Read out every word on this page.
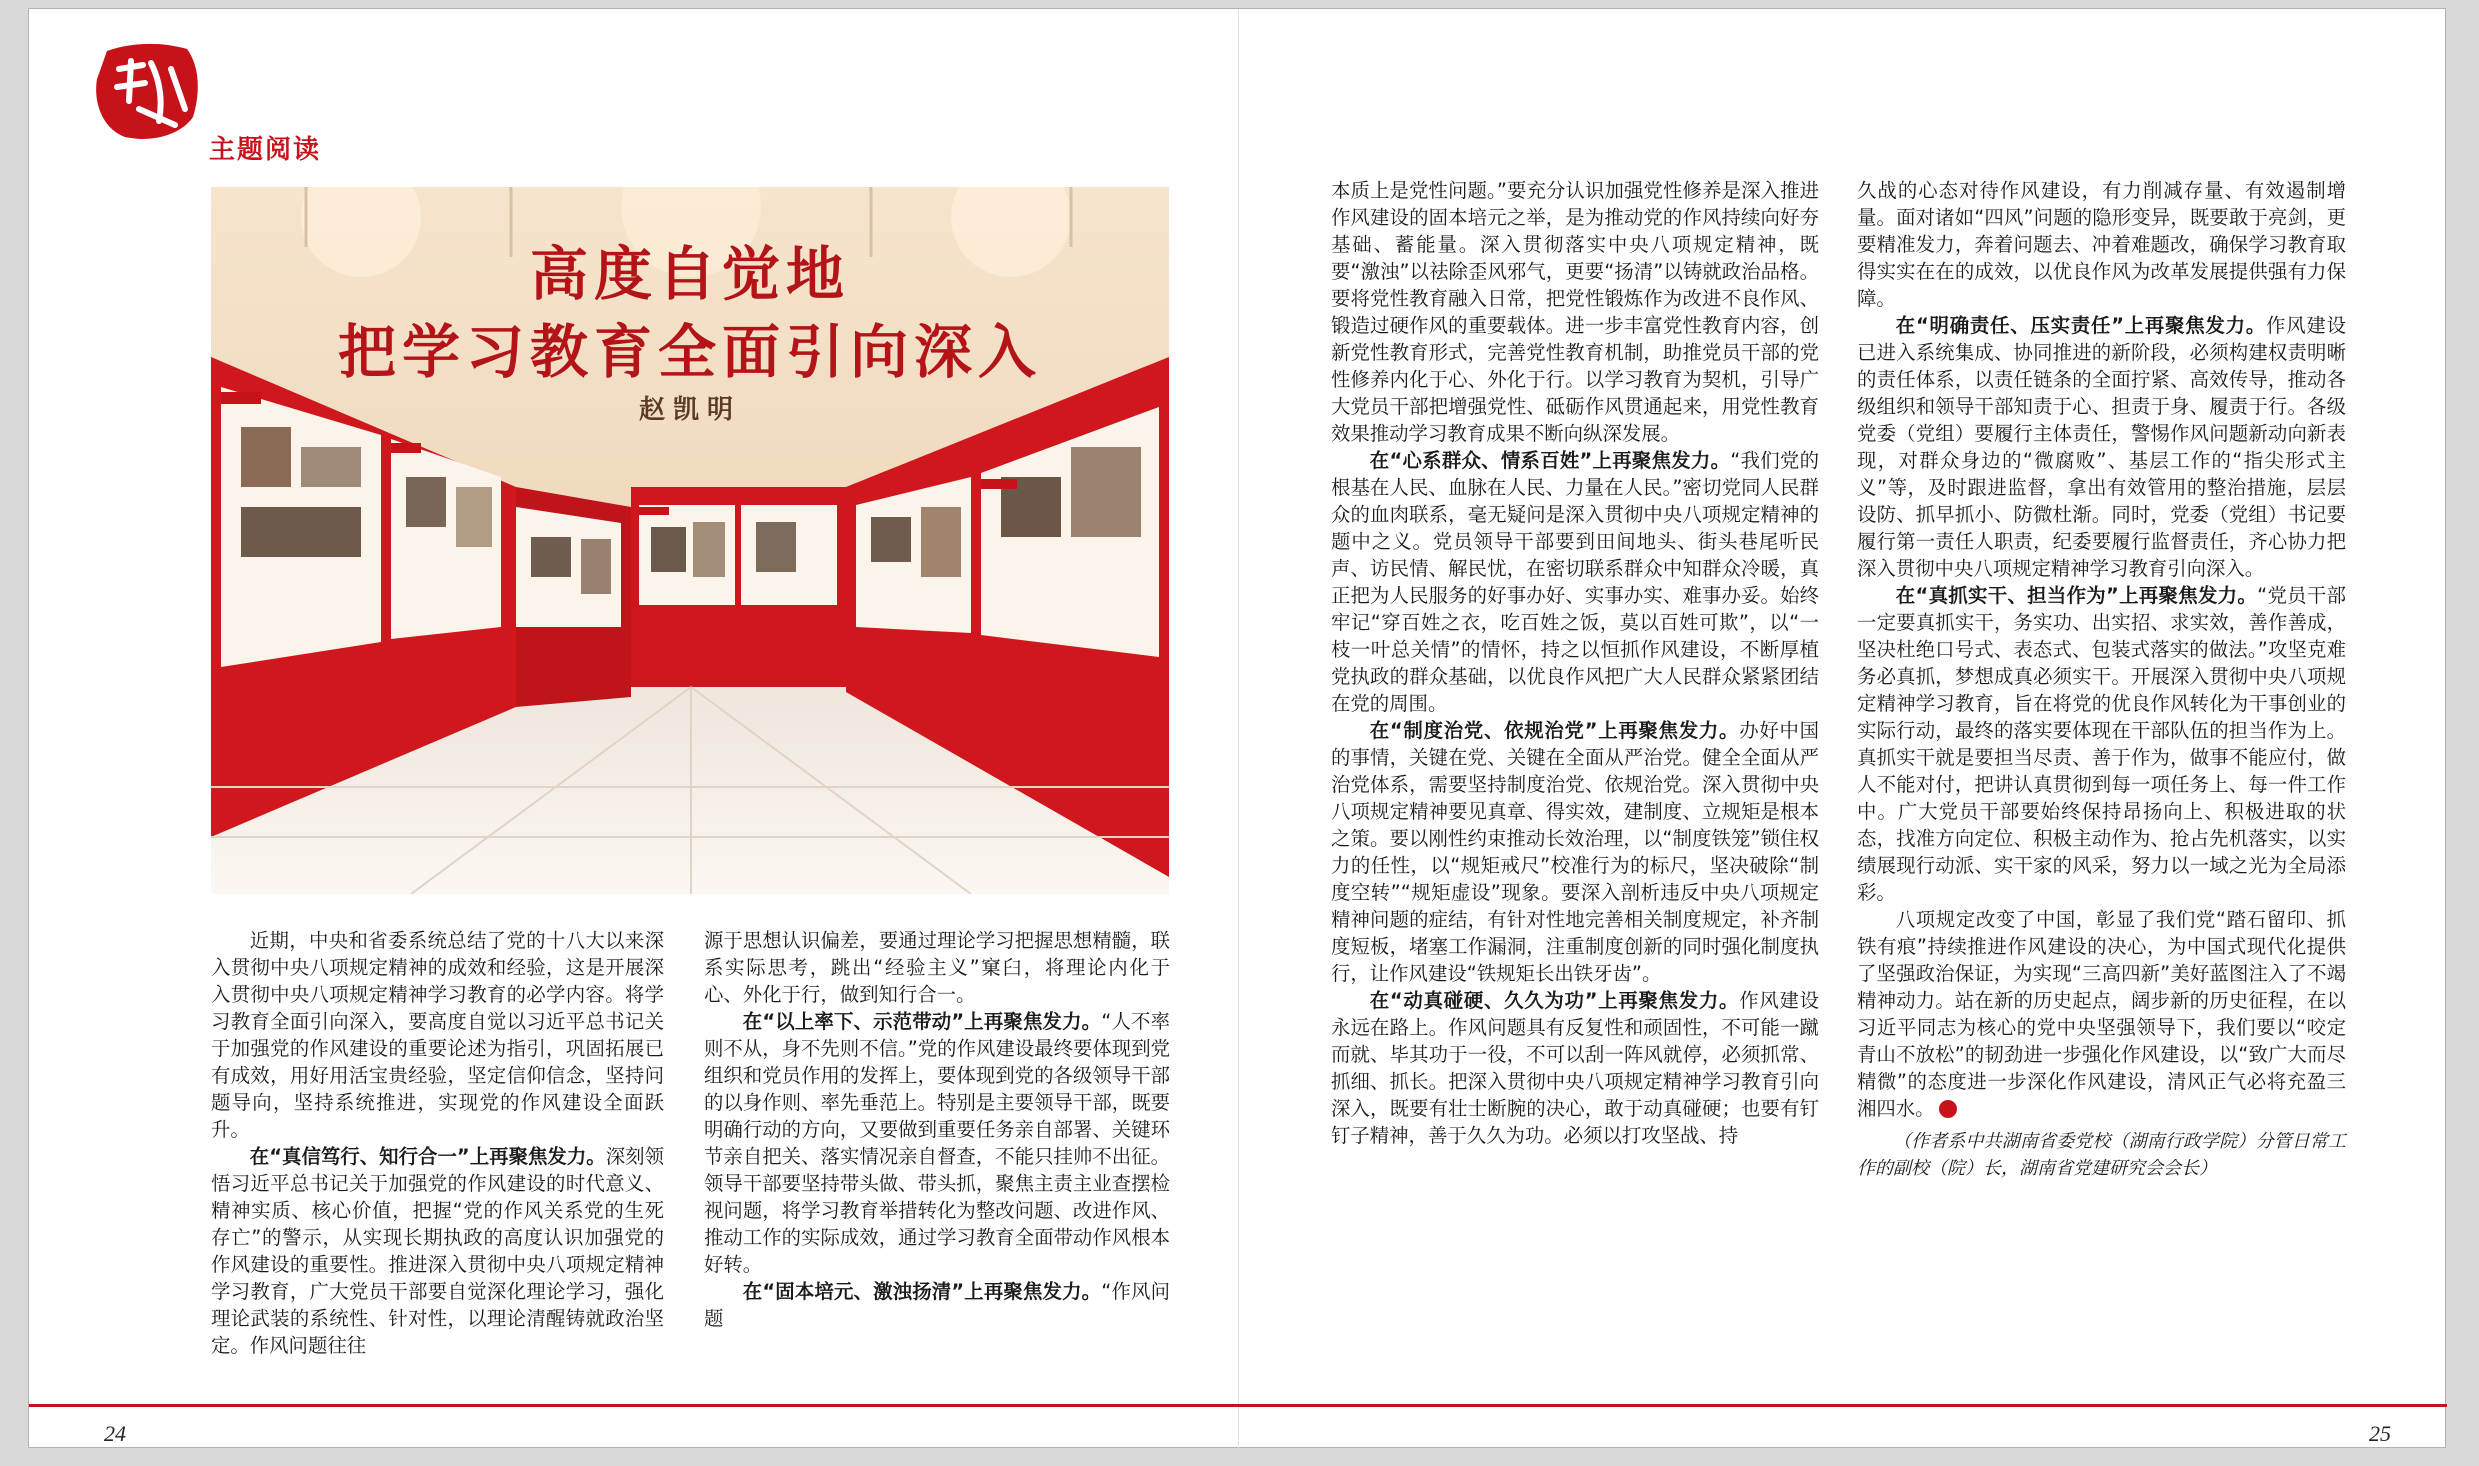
主题阅读
高度自觉地
把学习教育全面引向深入
赵凯明

近期，中央和省委系统总结了党的十八大以来深入贯彻中央八项规定精神的成效和经验，这是开展深入贯彻中央八项规定精神学习教育的必学内容。将学习教育全面引向深入，要高度自觉以习近平总书记关于加强党的作风建设的重要论述为指引，巩固拓展已有成效，用好用活宝贵经验，坚定信仰信念，坚持问题导向，坚持系统推进，实现党的作风建设全面跃升。

在“真信笃行、知行合一”上再聚焦发力。深刻领悟习近平总书记关于加强党的作风建设的时代意义、精神实质、核心价值，把握“党的作风关系党的生死存亡”的警示，从实现长期执政的高度认识加强党的作风建设的重要性。推进深入贯彻中央八项规定精神学习教育，广大党员干部要自觉深化理论学习，强化理论武装的系统性、针对性，以理论清醒铸就政治坚定。作风问题往往

源于思想认识偏差，要通过理论学习把握思想精髓，联系实际思考，跳出“经验主义”窠臼，将理论内化于心、外化于行，做到知行合一。

在“以上率下、示范带动”上再聚焦发力。“人不率则不从，身不先则不信。”党的作风建设最终要体现到党组织和党员作用的发挥上，要体现到党的各级领导干部的以身作则、率先垂范上。特别是主要领导干部，既要明确行动的方向，又要做到重要任务亲自部署、关键环节亲自把关、落实情况亲自督查，不能只挂帅不出征。领导干部要坚持带头做、带头抓，聚焦主责主业查摆检视问题，将学习教育举措转化为整改问题、改进作风、推动工作的实际成效，通过学习教育全面带动作风根本好转。

在“固本培元、激浊扬清”上再聚焦发力。“作风问题

24

本质上是党性问题。”要充分认识加强党性修养是深入推进作风建设的固本培元之举，是为推动党的作风持续向好夯基础、蓄能量。深入贯彻落实中央八项规定精神，既要“激浊”以祛除歪风邪气，更要“扬清”以铸就政治品格。要将党性教育融入日常，把党性锻炼作为改进不良作风、锻造过硬作风的重要载体。进一步丰富党性教育内容，创新党性教育形式，完善党性教育机制，助推党员干部的党性修养内化于心、外化于行。以学习教育为契机，引导广大党员干部把增强党性、砥砺作风贯通起来，用党性教育效果推动学习教育成果不断向纵深发展。

在“心系群众、情系百姓”上再聚焦发力。“我们党的根基在人民、血脉在人民、力量在人民。”密切党同人民群众的血肉联系，毫无疑问是深入贯彻中央八项规定精神的题中之义。党员领导干部要到田间地头、街头巷尾听民声、访民情、解民忧，在密切联系群众中知群众冷暖，真正把为人民服务的好事办好、实事办实、难事办妥。始终牢记“穿百姓之衣，吃百姓之饭，莫以百姓可欺”，以“一枝一叶总关情”的情怀，持之以恒抓作风建设，不断厚植党执政的群众基础，以优良作风把广大人民群众紧紧团结在党的周围。

在“制度治党、依规治党”上再聚焦发力。办好中国的事情，关键在党、关键在全面从严治党。健全全面从严治党体系，需要坚持制度治党、依规治党。深入贯彻中央八项规定精神要见真章、得实效，建制度、立规矩是根本之策。要以刚性约束推动长效治理，以“制度铁笼”锁住权力的任性，以“规矩戒尺”校准行为的标尺，坚决破除“制度空转”“规矩虚设”现象。要深入剖析违反中央八项规定精神问题的症结，有针对性地完善相关制度规定，补齐制度短板，堵塞工作漏洞，注重制度创新的同时强化制度执行，让作风建设“铁规矩长出铁牙齿”。

在“动真碰硬、久久为功”上再聚焦发力。作风建设永远在路上。作风问题具有反复性和顽固性，不可能一蹴而就、毕其功于一役，不可以刮一阵风就停，必须抓常、抓细、抓长。把深入贯彻中央八项规定精神学习教育引向深入，既要有壮士断腕的决心，敢于动真碰硬；也要有钉钉子精神，善于久久为功。必须以打攻坚战、持

久战的心态对待作风建设，有力削减存量、有效遏制增量。面对诸如“四风”问题的隐形变异，既要敢于亮剑，更要精准发力，奔着问题去、冲着难题改，确保学习教育取得实实在在的成效，以优良作风为改革发展提供强有力保障。

在“明确责任、压实责任”上再聚焦发力。作风建设已进入系统集成、协同推进的新阶段，必须构建权责明晰的责任体系，以责任链条的全面拧紧、高效传导，推动各级组织和领导干部知责于心、担责于身、履责于行。各级党委（党组）要履行主体责任，警惕作风问题新动向新表现，对群众身边的“微腐败”、基层工作的“指尖形式主义”等，及时跟进监督，拿出有效管用的整治措施，层层设防、抓早抓小、防微杜渐。同时，党委（党组）书记要履行第一责任人职责，纪委要履行监督责任，齐心协力把深入贯彻中央八项规定精神学习教育引向深入。

在“真抓实干、担当作为”上再聚焦发力。“党员干部一定要真抓实干，务实功、出实招、求实效，善作善成，坚决杜绝口号式、表态式、包装式落实的做法。”攻坚克难务必真抓，梦想成真必须实干。开展深入贯彻中央八项规定精神学习教育，旨在将党的优良作风转化为干事创业的实际行动，最终的落实要体现在干部队伍的担当作为上。真抓实干就是要担当尽责、善于作为，做事不能应付，做人不能对付，把讲认真贯彻到每一项任务上、每一件工作中。广大党员干部要始终保持昂扬向上、积极进取的状态，找准方向定位、积极主动作为、抢占先机落实，以实绩展现行动派、实干家的风采，努力以一域之光为全局添彩。

八项规定改变了中国，彰显了我们党“踏石留印、抓铁有痕”持续推进作风建设的决心，为中国式现代化提供了坚强政治保证，为实现“三高四新”美好蓝图注入了不竭精神动力。站在新的历史起点，阔步新的历史征程，在以习近平同志为核心的党中央坚强领导下，我们要以“咬定青山不放松”的韧劲进一步强化作风建设，以“致广大而尽精微”的态度进一步深化作风建设，清风正气必将充盈三湘四水。

（作者系中共湖南省委党校（湖南行政学院）分管日常工作的副校（院）长，湖南省党建研究会会长）

25
